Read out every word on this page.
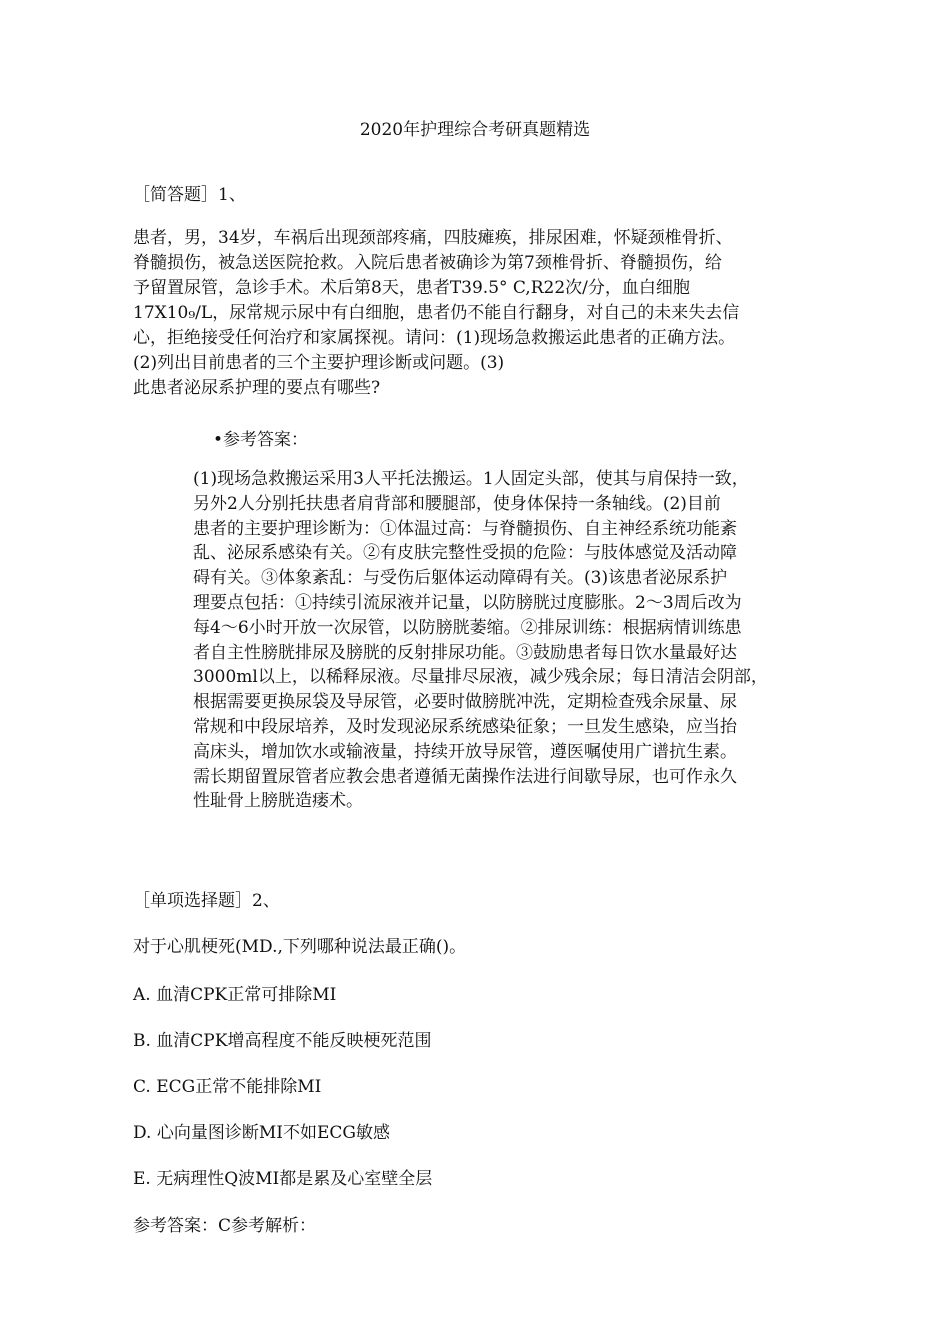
2020年护理综合考研真题精选
［简答题］1、

患者，男，34岁，车祸后出现颈部疼痛，四肢瘫痪，排尿困难，怀疑颈椎骨折、

脊髓损伤，被急送医院抢救。入院后患者被确诊为第7颈椎骨折、脊髓损伤，给

予留置尿管，急诊手术。术后第8天，患者T39.5° C,R22次/分，血白细胞

17X10₉/L，尿常规示尿中有白细胞，患者仍不能自行翻身，对自己的未来失去信

心，拒绝接受任何治疗和家属探视。请问：(1)现场急救搬运此患者的正确方法。

(2)列出目前患者的三个主要护理诊断或问题。(3)

此患者泌尿系护理的要点有哪些?

•参考答案：
(1)现场急救搬运采用3人平托法搬运。1人固定头部，使其与肩保持一致，
另外2人分别托扶患者肩背部和腰腿部，使身体保持一条轴线。(2)目前
患者的主要护理诊断为：①体温过高：与脊髓损伤、自主神经系统功能紊
乱、泌尿系感染有关。②有皮肤完整性受损的危险：与肢体感觉及活动障
碍有关。③体象紊乱：与受伤后躯体运动障碍有关。(3)该患者泌尿系护
理要点包括：①持续引流尿液并记量，以防膀胱过度膨胀。2〜3周后改为
每4〜6小时开放一次尿管，以防膀胱萎缩。②排尿训练：根据病情训练患
者自主性膀胱排尿及膀胱的反射排尿功能。③鼓励患者每日饮水量最好达
3000ml以上，以稀释尿液。尽量排尽尿液，减少残余尿；每日清洁会阴部，
根据需要更换尿袋及导尿管，必要时做膀胱冲洗，定期检查残余尿量、尿
常规和中段尿培养，及时发现泌尿系统感染征象；一旦发生感染，应当抬
高床头，增加饮水或输液量，持续开放导尿管，遵医嘱使用广谱抗生素。
需长期留置尿管者应教会患者遵循无菌操作法进行间歇导尿，也可作永久
性耻骨上膀胱造瘘术。
［单项选择题］2、
对于心肌梗死(MD.,下列哪种说法最正确()。
A. 血清CPK正常可排除MI
B. 血清CPK增高程度不能反映梗死范围
C. ECG正常不能排除MI
D. 心向量图诊断MI不如ECG敏感
E. 无病理性Q波MI都是累及心室壁全层
参考答案：C参考解析：
